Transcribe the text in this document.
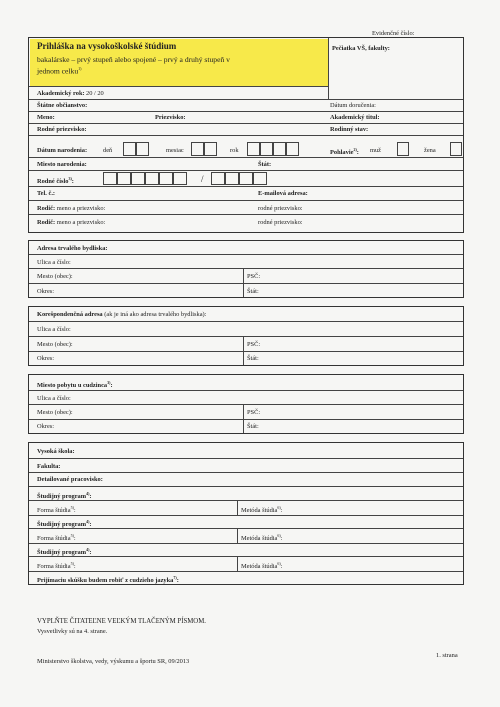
Evidenčné číslo:
Prihláška na vysokoškolské štúdium
bakalárske – prvý stupeň alebo spojené – prvý a druhý stupeň v
jednom celku$^{1)}$
Pečiatka VŠ, fakulty:
Akademický rok: 20 / 20
Štátne občianstvo:	Dátum doručenia:
Meno:	Priezvisko:	Akademický titul:
Rodné priezvisko:	Rodinný stav:
Dátum narodenia: deň	mesiac	rok	Pohlavie$^{2)}$: muž	žena
Miesto narodenia:	Štát:
Rodné číslo$^{3)}$:	/
Tel. č.:	E-mailová adresa:
Rodič: meno a priezvisko:	rodné priezvisko:
Rodič: meno a priezvisko:	rodné priezvisko:
Adresa trvalého bydliska:
Ulica a číslo:
Mesto (obec):	PSČ:
Okres:	Štát:
Korešpondenčná adresa (ak je iná ako adresa trvalého bydliska):
Ulica a číslo:
Mesto (obec):	PSČ:
Okres:	Štát:
Miesto pobytu u cudzinca$^{3)}$:
Ulica a číslo:
Mesto (obec):	PSČ:
Okres:	Štát:
Vysoká škola:
Fakulta:
Detailované pracovisko:
Študijný program$^{4)}$:
Forma štúdia$^{5)}$:	Metóda štúdia$^{6)}$:
Študijný program$^{4)}$:
Forma štúdia$^{5)}$:	Metóda štúdia$^{6)}$:
Študijný program$^{4)}$:
Forma štúdia$^{5)}$:	Metóda štúdia$^{6)}$:
Prijímaciu skúšku budem robiť z cudzieho jazyka$^{7)}$:
VYPLŇTE ČITATEĽNE VEĽKÝM TLAČENÝM PÍSMOM.
Vysvetlivky sú na 4. strane.
1. strana
Ministerstvo školstva, vedy, výskumu a športu SR, 09/2013
